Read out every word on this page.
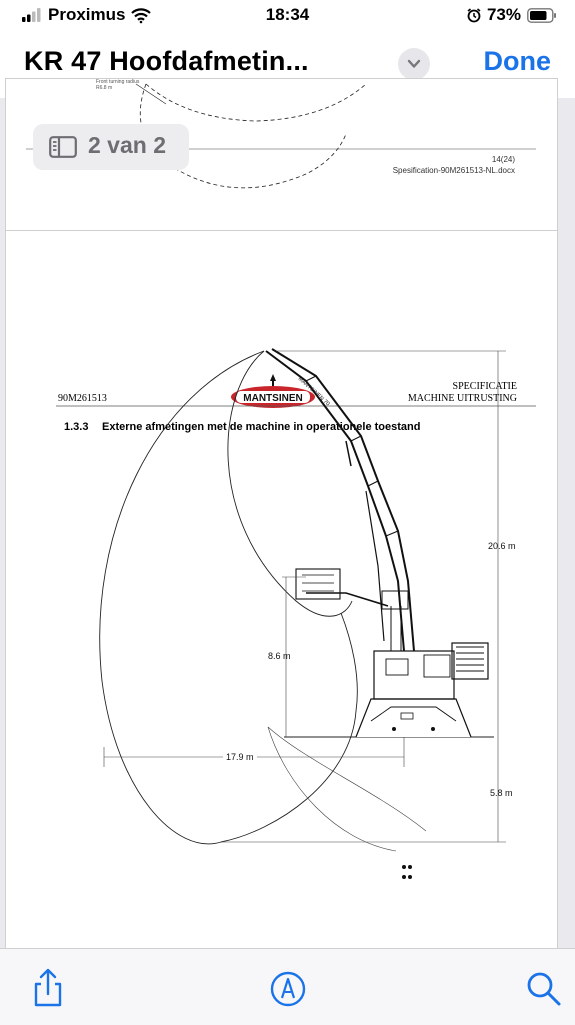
Proximus	18:34	73%
KR 47 Hoofdafmetin...	Done
Front turning radius
R6.8 m
14(24)
Spesification-90M261513-NL.docx
MANTSINEN
90M261513
SPECIFICATIE
MACHINE UITRUSTING
1.3.3 Externe afmetingen met de machine in operationele toestand
MANTSINEN 70
20.6 m
8.6 m
17.9 m
5.8 m
2 van 2
